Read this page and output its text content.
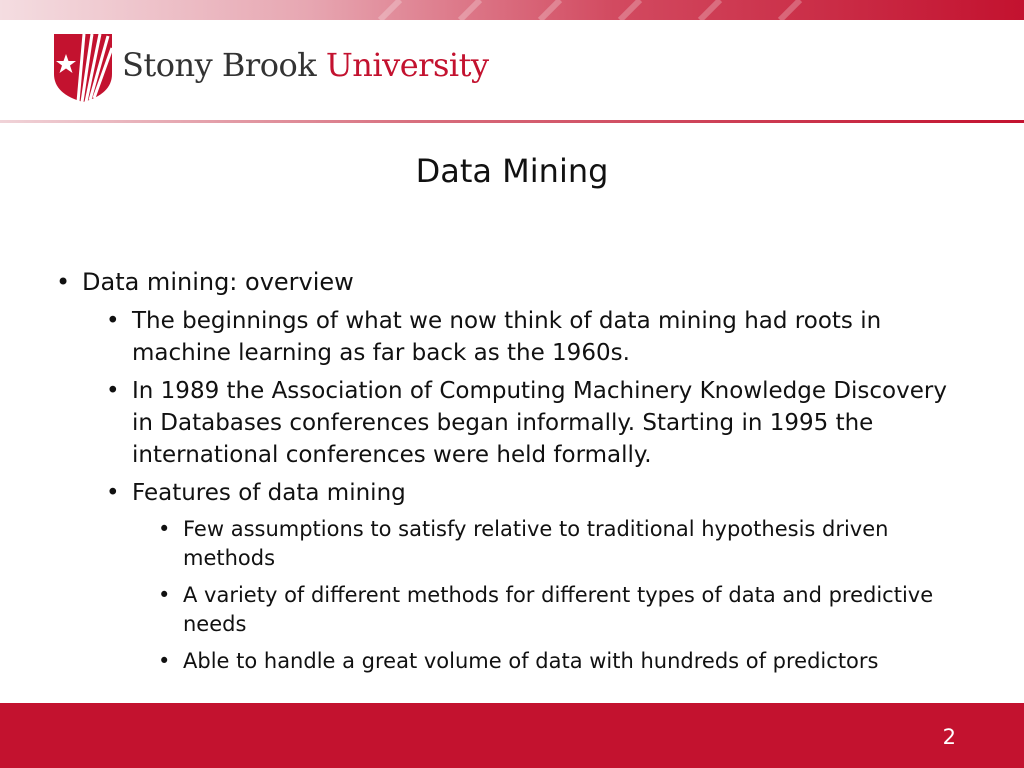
Stony Brook University
Data Mining
• Data mining: overview
• The beginnings of what we now think of data mining had roots in machine learning as far back as the 1960s.
• In 1989 the Association of Computing Machinery Knowledge Discovery in Databases conferences began informally. Starting in 1995 the international conferences were held formally.
• Features of data mining
• Few assumptions to satisfy relative to traditional hypothesis driven methods
• A variety of different methods for different types of data and predictive needs
• Able to handle a great volume of data with hundreds of predictors
2
